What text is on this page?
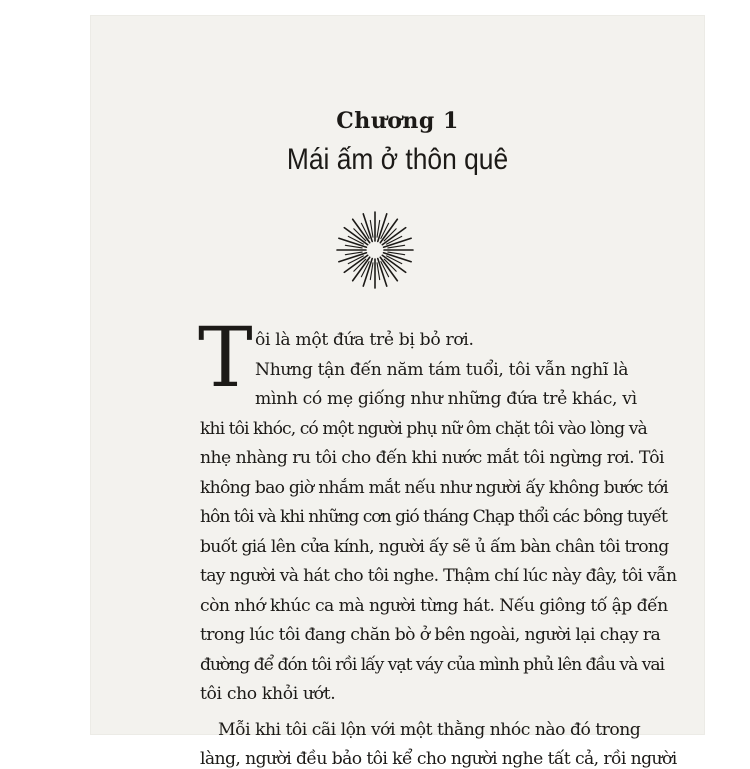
Chương 1
Mái ấm ở thôn quê
T ôi là một đứa trẻ bị bỏ rơi.
Nhưng tận đến năm tám tuổi, tôi vẫn nghĩ là
mình có mẹ giống như những đứa trẻ khác, vì
khi tôi khóc, có một người phụ nữ ôm chặt tôi vào lòng và
nhẹ nhàng ru tôi cho đến khi nước mắt tôi ngừng rơi. Tôi
không bao giờ nhắm mắt nếu như người ấy không bước tới
hôn tôi và khi những cơn gió tháng Chạp thổi các bông tuyết
buốt giá lên cửa kính, người ấy sẽ ủ ấm bàn chân tôi trong
tay người và hát cho tôi nghe. Thậm chí lúc này đây, tôi vẫn
còn nhớ khúc ca mà người từng hát. Nếu giông tố ập đến
trong lúc tôi đang chăn bò ở bên ngoài, người lại chạy ra
đường để đón tôi rồi lấy vạt váy của mình phủ lên đầu và vai
tôi cho khỏi ướt.
Mỗi khi tôi cãi lộn với một thằng nhóc nào đó trong
làng, người đều bảo tôi kể cho người nghe tất cả, rồi người
